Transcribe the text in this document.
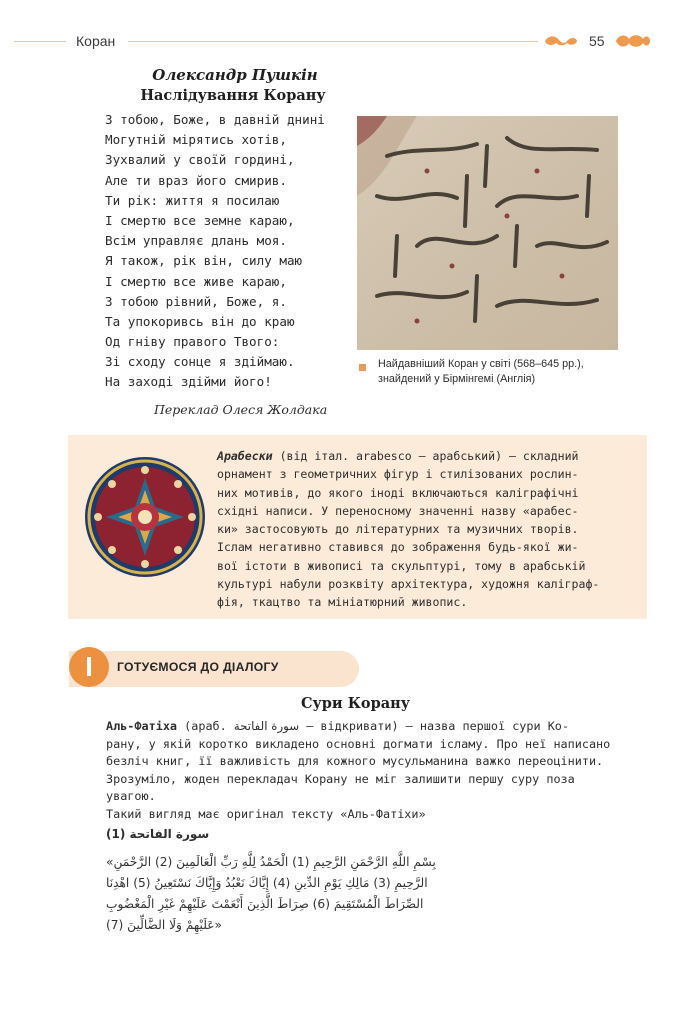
Коран	55
Олександр Пушкін
Наслідування Корану
З тобою, Боже, в давній днині
Могутній мірятись хотів,
Зухвалий у своїй гордині,
Але ти враз його смирив.
Ти рік: життя я посилаю
І смертю все земне караю,
Всім управляє длань моя.
Я також, рік він, силу маю
І смертю все живе караю,
З тобою рівний, Боже, я.
Та упокоривсь він до краю
Од гніву правого Твого:
Зі сходу сонце я здіймаю.
На заході здійми його!
Переклад Олеся Жолдака
Найдавніший Коран у світі (568–645 рр.),
знайдений у Бірмінгемі (Англія)
Арабески (від італ. arabesco — арабський) — складний
орнамент з геометричних фігур і стилізованих рослин-
них мотивів, до якого іноді включаються каліграфічні
східні написи. У переносному значенні назву «арабес-
ки» застосовують до літературних та музичних творів.
Іслам негативно ставився до зображення будь-якої жи-
вої істоти в живописі та скульптурі, тому в арабській
культурі набули розквіту архітектура, художня каліграф-
фія, ткацтво та мініатюрний живопис.
I	ГОТУЄМОСЯ ДО ДІАЛОГУ
Сури Корану
Аль-Фатіха (араб. سورة الفاتحة — відкривати) — назва першої сури Ко-
рану, у якій коротко викладено основні догмати ісламу. Про неї написано
безліч книг, її важливість для кожного мусульманина важко переоцінити.
Зрозуміло, жоден перекладач Корану не міг залишити першу суру поза
увагою.
Такий вигляд має оригінал тексту «Аль-Фатіхи»
سورة الفاتحة (1)
«بِسْمِ اللَّهِ الرَّحْمَنِ الرَّحِيمِ (1) الْحَمْدُ لِلَّهِ رَبِّ الْعَالَمِينَ (2) الرَّحْمَنِ
الرَّحِيمِ (3) مَالِكِ يَوْمِ الدِّينِ (4) إِيَّاكَ نَعْبُدُ وَإِيَّاكَ نَسْتَعِينُ (5) اهْدِنَا
الصِّرَاطَ الْمُسْتَقِيمَ (6) صِرَاطَ الَّذِينَ أَنْعَمْتَ عَلَيْهِمْ غَيْرِ الْمَغْضُوبِ
عَلَيْهِمْ وَلَا الضَّالِّينَ (7)»
